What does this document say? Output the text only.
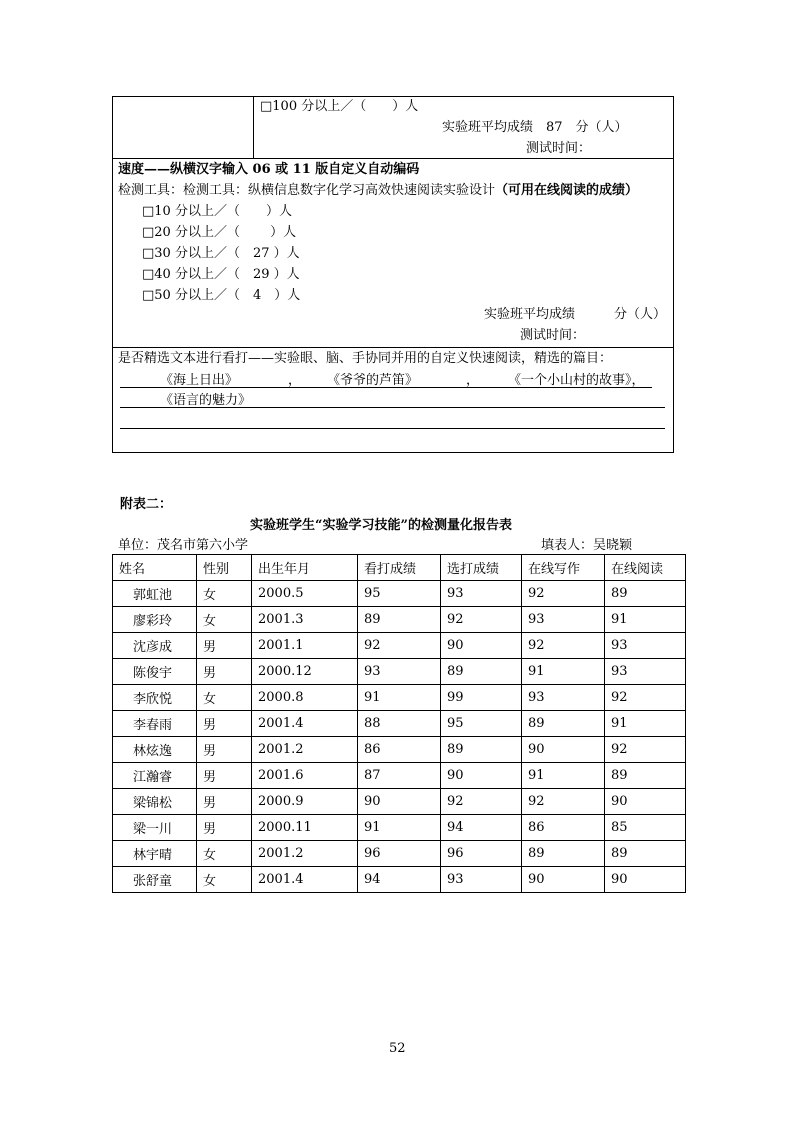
□100 分以上／（　　）人
实验班平均成绩　87　分（人）
测试时间：
速度——纵横汉字输入 06 或 11 版自定义自动编码
检测工具：检测工具：纵横信息数字化学习高效快速阅读实验设计（可用在线阅读的成绩）
□10 分以上／（　　）人
□20 分以上／（　　 ）人
□30 分以上／（　27 ）人
□40 分以上／（　29 ）人
□50 分以上／（　4　）人
实验班平均成绩　　　分（人）
测试时间：
是否精选文本进行看打——实验眼、脑、手协同并用的自定义快速阅读，精选的篇目：
《海上日出》	， 《爷爷的芦笛》	， 《一个小山村的故事》，
《语言的魅力》
附表二：
实验班学生“实验学习技能”的检测量化报告表
单位：茂名市第六小学	填表人：吴晓颖
姓名	性别	出生年月	看打成绩	选打成绩	在线写作	在线阅读
郭虹池	女	2000.5	95	93	92	89
廖彩玲	女	2001.3	89	92	93	91
沈彦成	男	2001.1	92	90	92	93
陈俊宇	男	2000.12	93	89	91	93
李欣悦	女	2000.8	91	99	93	92
李春雨	男	2001.4	88	95	89	91
林炫逸	男	2001.2	86	89	90	92
江瀚睿	男	2001.6	87	90	91	89
梁锦松	男	2000.9	90	92	92	90
梁一川	男	2000.11	91	94	86	85
林宇晴	女	2001.2	96	96	89	89
张舒童	女	2001.4	94	93	90	90
52
